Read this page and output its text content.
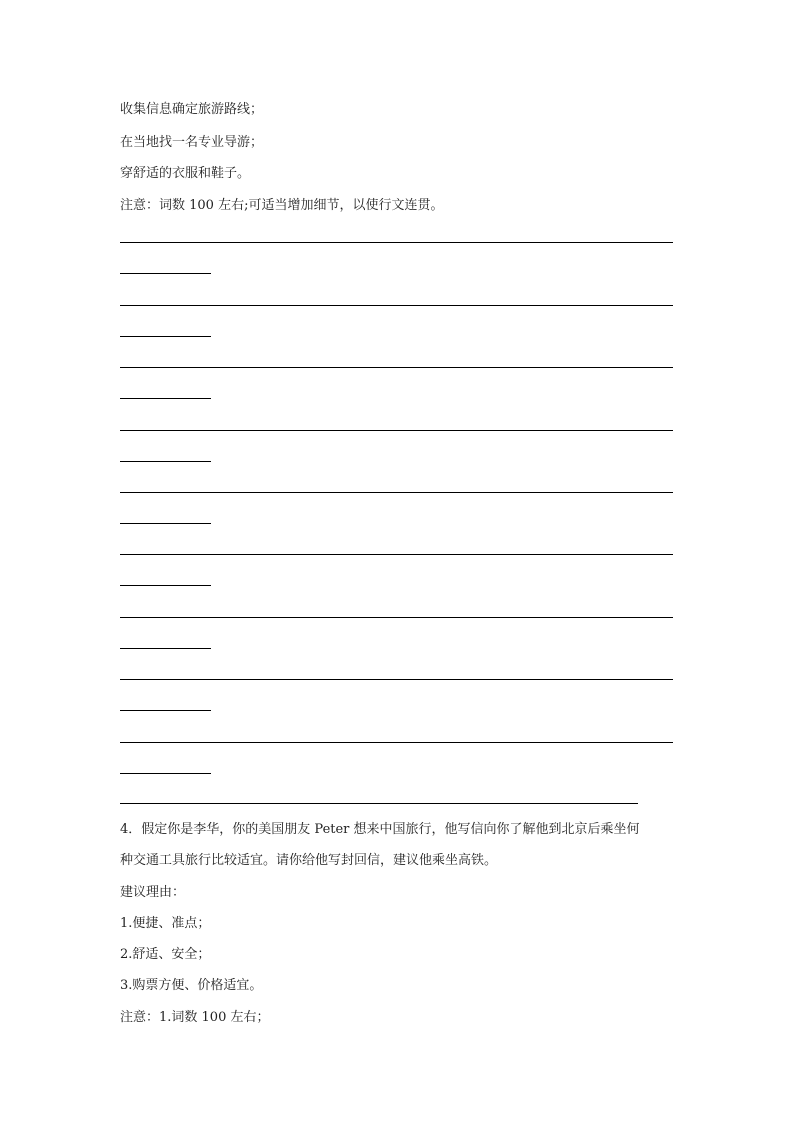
收集信息确定旅游路线；
在当地找一名专业导游；
穿舒适的衣服和鞋子。
注意：词数 100 左右;可适当增加细节，以使行文连贯。
4．假定你是李华，你的美国朋友 Peter 想来中国旅行，他写信向你了解他到北京后乘坐何
种交通工具旅行比较适宜。请你给他写封回信，建议他乘坐高铁。
建议理由：
1.便捷、准点；
2.舒适、安全；
3.购票方便、价格适宜。
注意：1.词数 100 左右；
